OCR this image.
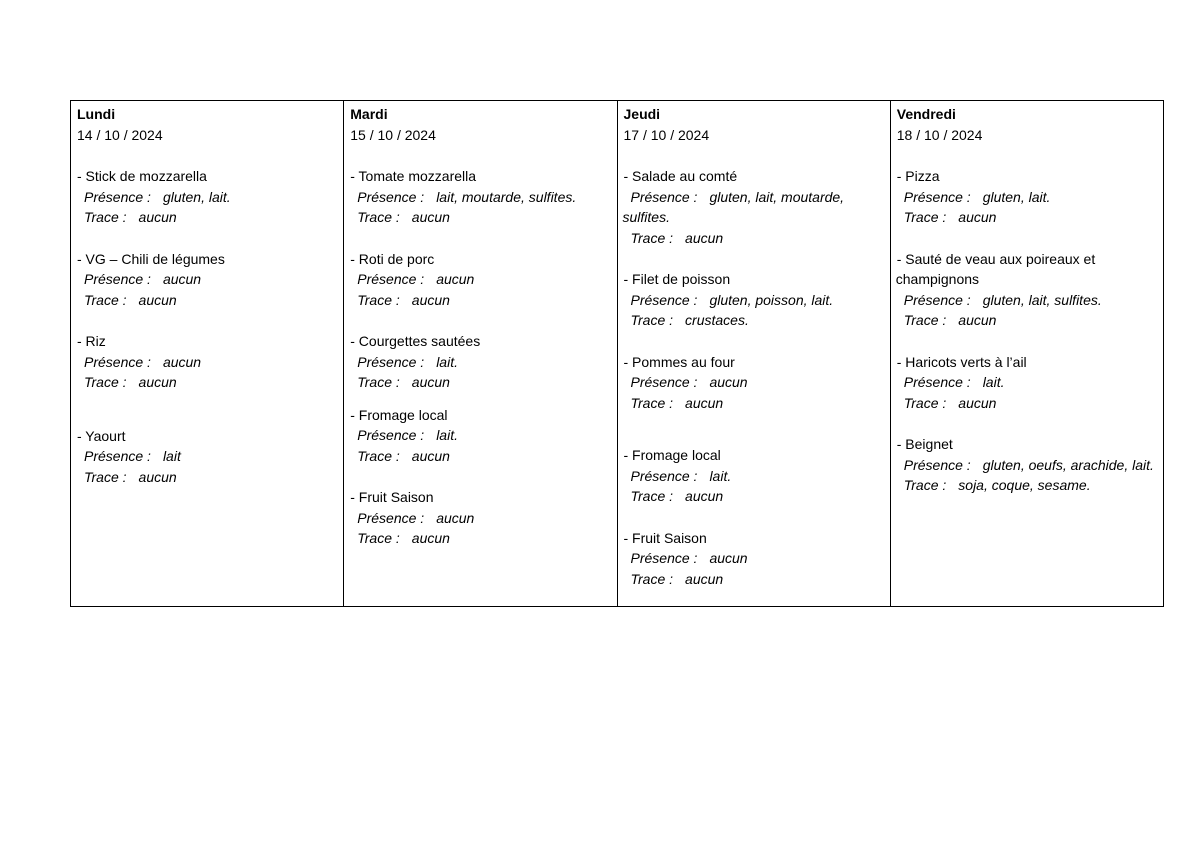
Lundi
14 / 10 / 2024
- Stick de mozzarella
Présence : gluten, lait.
Trace : aucun
- VG – Chili de légumes
Présence : aucun
Trace : aucun
- Riz
Présence : aucun
Trace : aucun
- Yaourt
Présence : lait
Trace : aucun
Mardi
15 / 10 / 2024
- Tomate mozzarella
Présence : lait, moutarde, sulfites.
Trace : aucun
- Roti de porc
Présence : aucun
Trace : aucun
- Courgettes sautées
Présence : lait.
Trace : aucun
- Fromage local
Présence : lait.
Trace : aucun
- Fruit Saison
Présence : aucun
Trace : aucun
Jeudi
17 / 10 / 2024
- Salade au comté
Présence : gluten, lait, moutarde, sulfites.
Trace : aucun
- Filet de poisson
Présence : gluten, poisson, lait.
Trace : crustaces.
- Pommes au four
Présence : aucun
Trace : aucun
- Fromage local
Présence : lait.
Trace : aucun
- Fruit Saison
Présence : aucun
Trace : aucun
Vendredi
18 / 10 / 2024
- Pizza
Présence : gluten, lait.
Trace : aucun
- Sauté de veau aux poireaux et champignons
Présence : gluten, lait, sulfites.
Trace : aucun
- Haricots verts à l’ail
Présence : lait.
Trace : aucun
- Beignet
Présence : gluten, oeufs, arachide, lait.
Trace : soja, coque, sesame.
